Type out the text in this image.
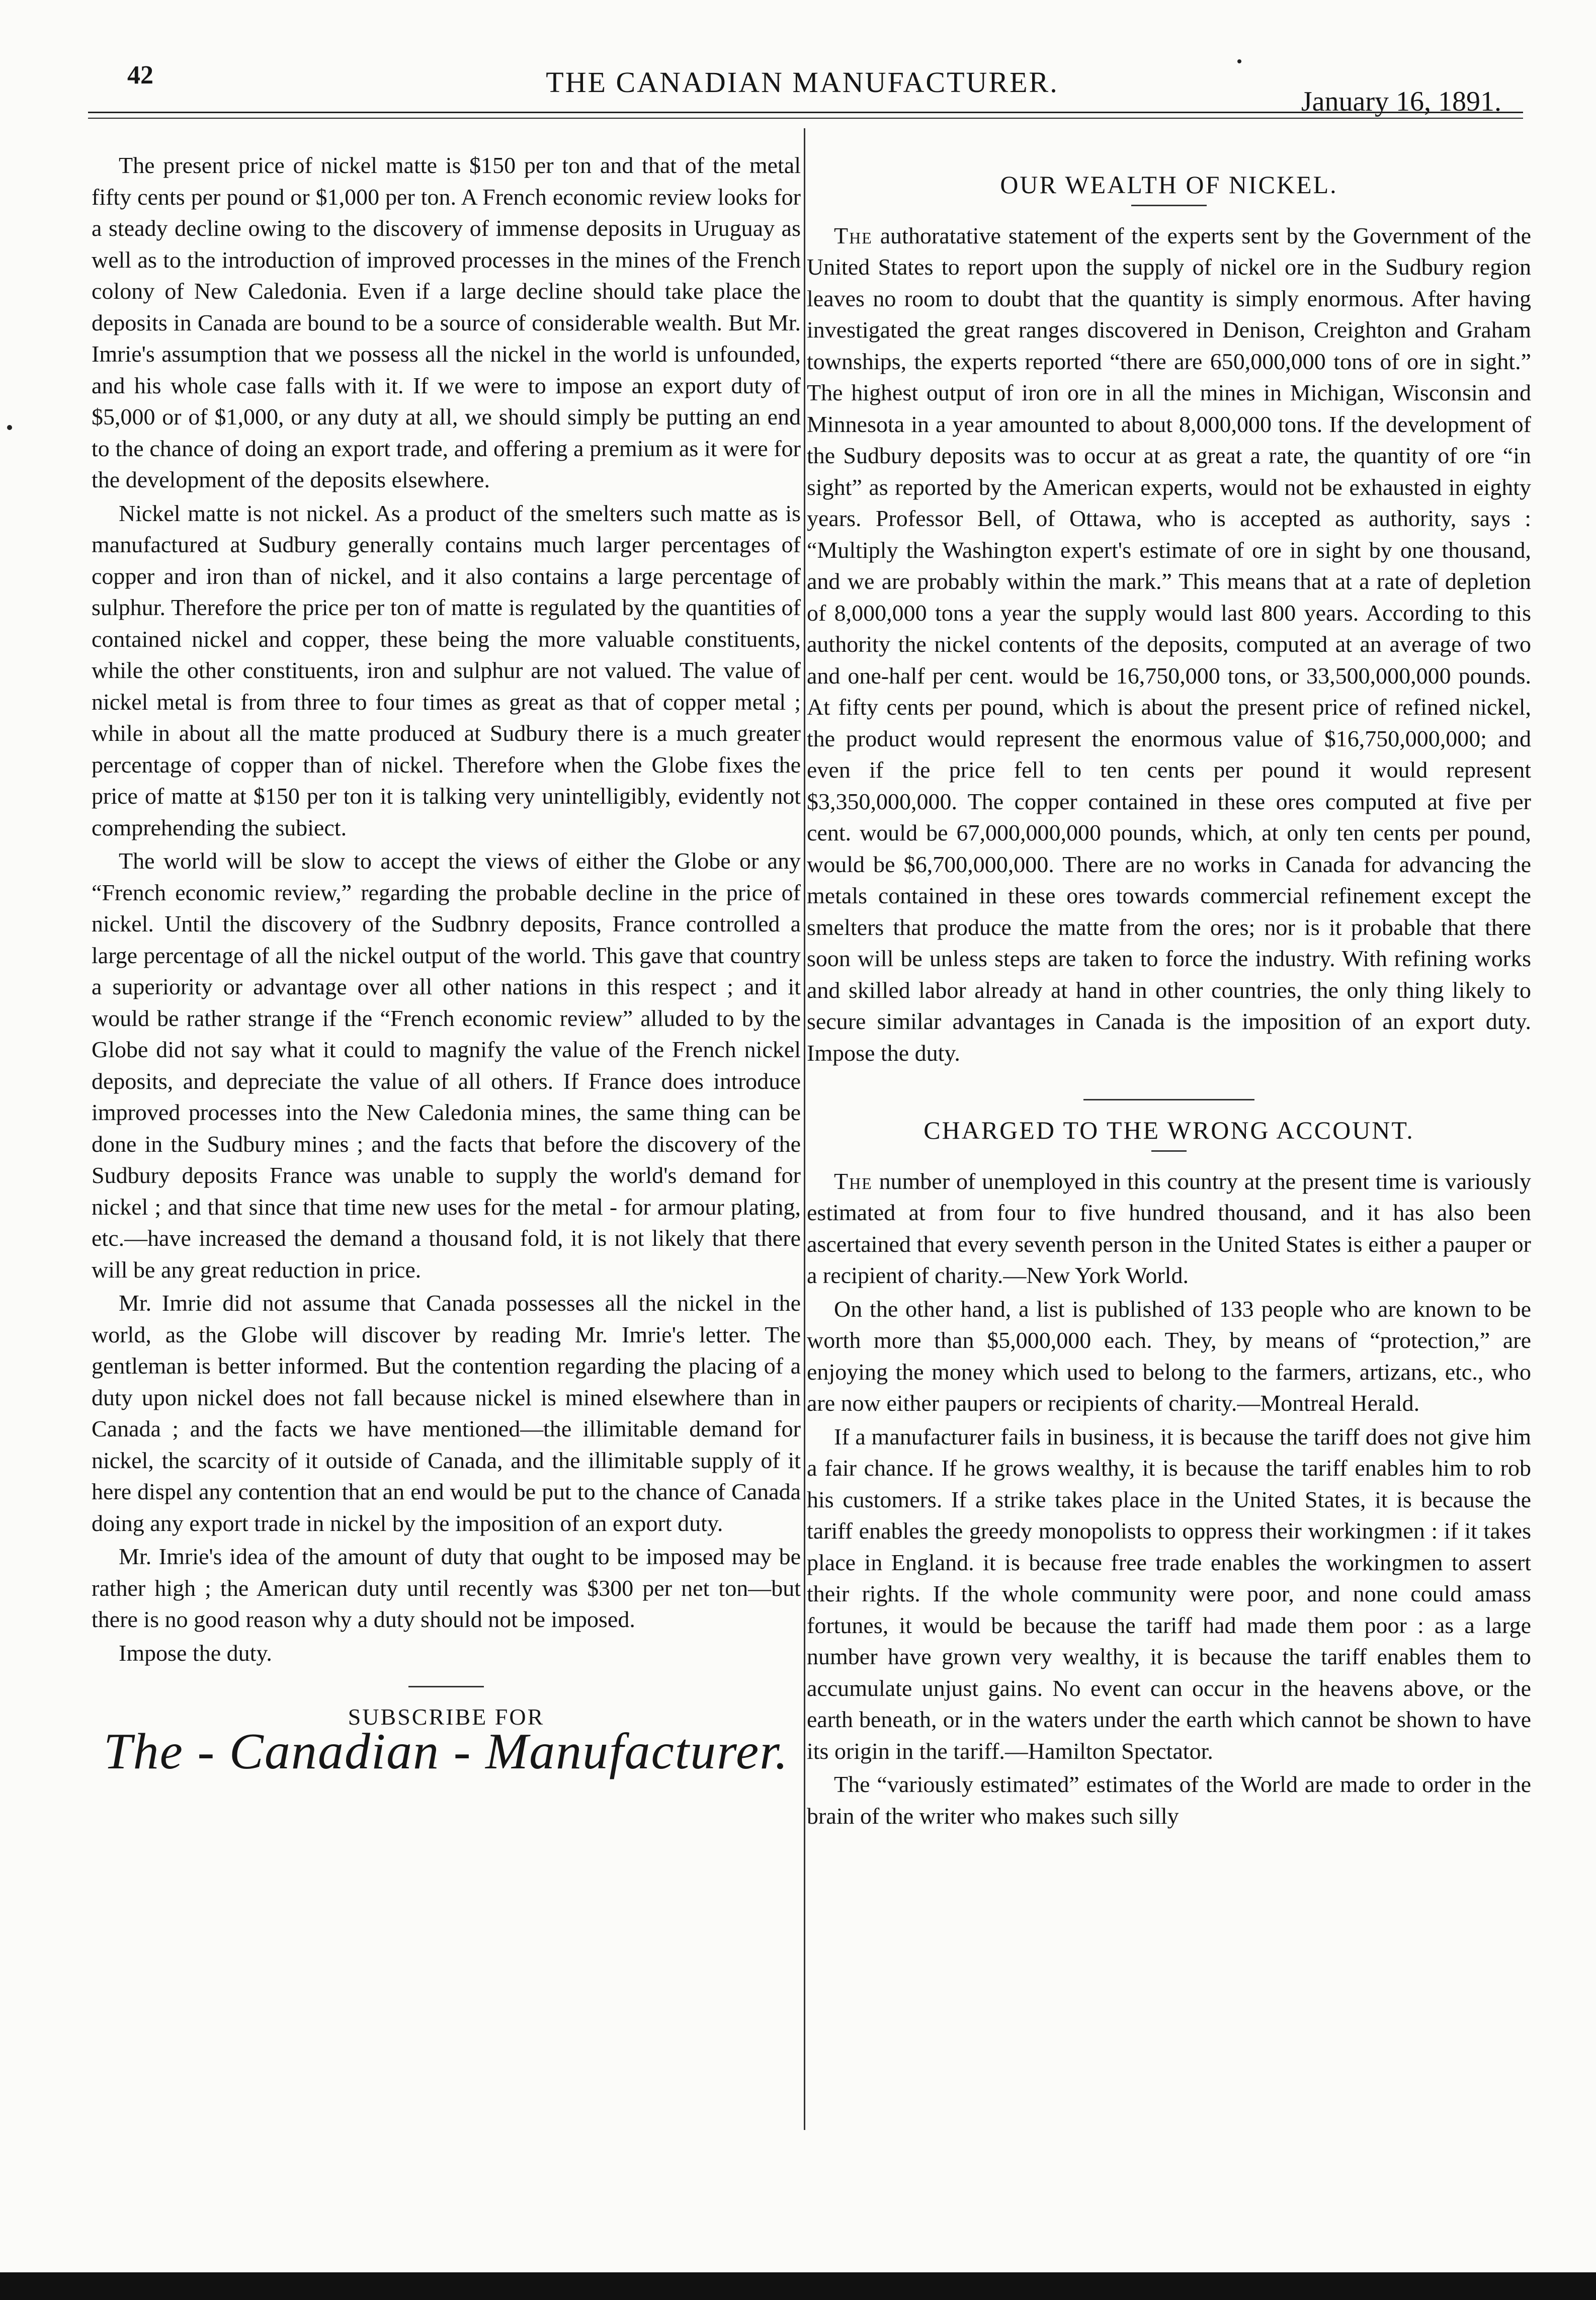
42	THE CANADIAN MANUFACTURER.
January 16, 1891.

The present price of nickel matte is $150 per ton and that of the metal fifty cents per pound or $1,000 per ton. A French economic review looks for a steady decline owing to the discovery of immense deposits in Uruguay as well as to the introduction of improved processes in the mines of the French colony of New Caledonia. Even if a large decline should take place the deposits in Canada are bound to be a source of considerable wealth. But Mr. Imrie's assumption that we possess all the nickel in the world is unfounded, and his whole case falls with it. If we were to impose an export duty of $5,000 or of $1,000, or any duty at all, we should simply be putting an end to the chance of doing an export trade, and offering a premium as it were for the development of the deposits elsewhere.

Nickel matte is not nickel. As a product of the smelters such matte as is manufactured at Sudbury generally contains much larger percentages of copper and iron than of nickel, and it also contains a large percentage of sulphur. Therefore the price per ton of matte is regulated by the quantities of contained nickel and copper, these being the more valuable constituents, while the other constituents, iron and sulphur are not valued. The value of nickel metal is from three to four times as great as that of copper metal ; while in about all the matte produced at Sudbury there is a much greater percentage of copper than of nickel. Therefore when the Globe fixes the price of matte at $150 per ton it is talking very unintelligibly, evidently not comprehending the subiect.

The world will be slow to accept the views of either the Globe or any “French economic review,” regarding the probable decline in the price of nickel. Until the discovery of the Sudbnry deposits, France controlled a large percentage of all the nickel output of the world. This gave that country a superiority or advantage over all other nations in this respect ; and it would be rather strange if the “French economic review” alluded to by the Globe did not say what it could to magnify the value of the French nickel deposits, and depreciate the value of all others. If France does introduce improved processes into the New Caledonia mines, the same thing can be done in the Sudbury mines ; and the facts that before the discovery of the Sudbury deposits France was unable to supply the world's demand for nickel ; and that since that time new uses for the metal - for armour plating, etc.—have increased the demand a thousand fold, it is not likely that there will be any great reduction in price.

Mr. Imrie did not assume that Canada possesses all the nickel in the world, as the Globe will discover by reading Mr. Imrie's letter. The gentleman is better informed. But the contention regarding the placing of a duty upon nickel does not fall because nickel is mined elsewhere than in Canada ; and the facts we have mentioned—the illimitable demand for nickel, the scarcity of it outside of Canada, and the illimitable supply of it here dispel any contention that an end would be put to the chance of Canada doing any export trade in nickel by the imposition of an export duty.

Mr. Imrie's idea of the amount of duty that ought to be imposed may be rather high ; the American duty until recently was $300 per net ton—but there is no good reason why a duty should not be imposed.

Impose the duty.

SUBSCRIBE FOR
The - Canadian - Manufacturer.
OUR WEALTH OF NICKEL.

The authoratative statement of the experts sent by the Government of the United States to report upon the supply of nickel ore in the Sudbury region leaves no room to doubt that the quantity is simply enormous. After having investigated the great ranges discovered in Denison, Creighton and Graham townships, the experts reported “there are 650,000,000 tons of ore in sight.” The highest output of iron ore in all the mines in Michigan, Wisconsin and Minnesota in a year amounted to about 8,000,000 tons. If the development of the Sudbury deposits was to occur at as great a rate, the quantity of ore “in sight” as reported by the American experts, would not be exhausted in eighty years. Professor Bell, of Ottawa, who is accepted as authority, says : “Multiply the Washington expert's estimate of ore in sight by one thousand, and we are probably within the mark.” This means that at a rate of depletion of 8,000,000 tons a year the supply would last 800 years. According to this authority the nickel contents of the deposits, computed at an average of two and one-half per cent. would be 16,750,000 tons, or 33,500,000,000 pounds. At fifty cents per pound, which is about the present price of refined nickel, the product would represent the enormous value of $16,750,000,000; and even if the price fell to ten cents per pound it would represent $3,350,000,000. The copper contained in these ores computed at five per cent. would be 67,000,000,000 pounds, which, at only ten cents per pound, would be $6,700,000,000. There are no works in Canada for advancing the metals contained in these ores towards commercial refinement except the smelters that produce the matte from the ores; nor is it probable that there soon will be unless steps are taken to force the industry. With refining works and skilled labor already at hand in other countries, the only thing likely to secure similar advantages in Canada is the imposition of an export duty. Impose the duty.

CHARGED TO THE WRONG ACCOUNT.

The number of unemployed in this country at the present time is variously estimated at from four to five hundred thousand, and it has also been ascertained that every seventh person in the United States is either a pauper or a recipient of charity.—New York World.

On the other hand, a list is published of 133 people who are known to be worth more than $5,000,000 each. They, by means of “protection,” are enjoying the money which used to belong to the farmers, artizans, etc., who are now either paupers or recipients of charity.—Montreal Herald.

If a manufacturer fails in business, it is because the tariff does not give him a fair chance. If he grows wealthy, it is because the tariff enables him to rob his customers. If a strike takes place in the United States, it is because the tariff enables the greedy monopolists to oppress their workingmen : if it takes place in England. it is because free trade enables the workingmen to assert their rights. If the whole community were poor, and none could amass fortunes, it would be because the tariff had made them poor : as a large number have grown very wealthy, it is because the tariff enables them to accumulate unjust gains. No event can occur in the heavens above, or the earth beneath, or in the waters under the earth which cannot be shown to have its origin in the tariff.—Hamilton Spectator.

The “variously estimated” estimates of the World are made to order in the brain of the writer who makes such silly
